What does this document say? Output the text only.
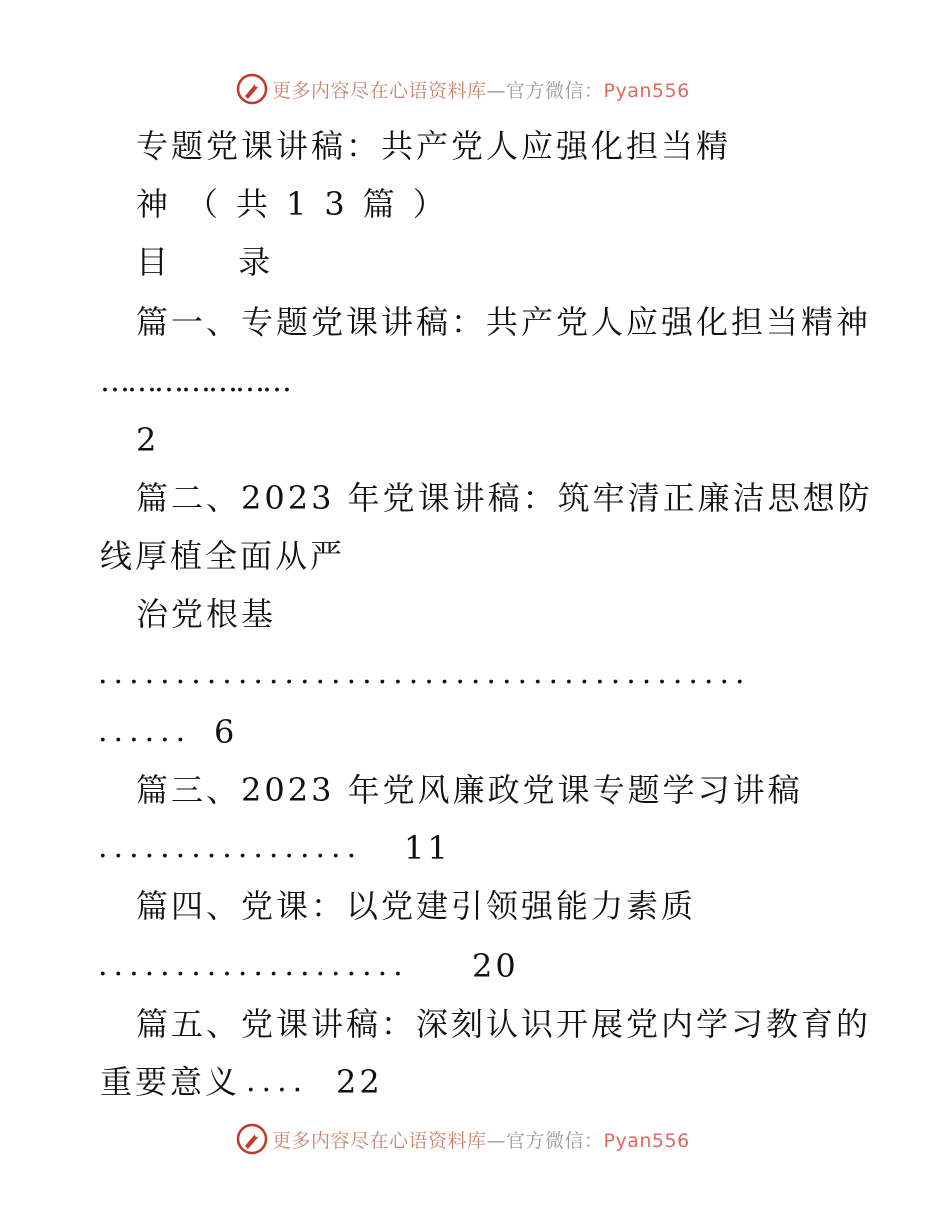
更多内容尽在心语资料库—官方微信：Pyan556
专题党课讲稿：共产党人应强化担当精
神（共13篇）
目 录
篇一、专题党课讲稿：共产党人应强化担当精神
…………………
2
篇二、2023 年党课讲稿：筑牢清正廉洁思想防
线厚植全面从严
治党根基
..........................................
...... 6
篇三、2023 年党风廉政党课专题学习讲稿
................. 11
篇四、党课：以党建引领强能力素质
.................... 20
篇五、党课讲稿：深刻认识开展党内学习教育的
重要意义 .... 22
更多内容尽在心语资料库—官方微信：Pyan556
